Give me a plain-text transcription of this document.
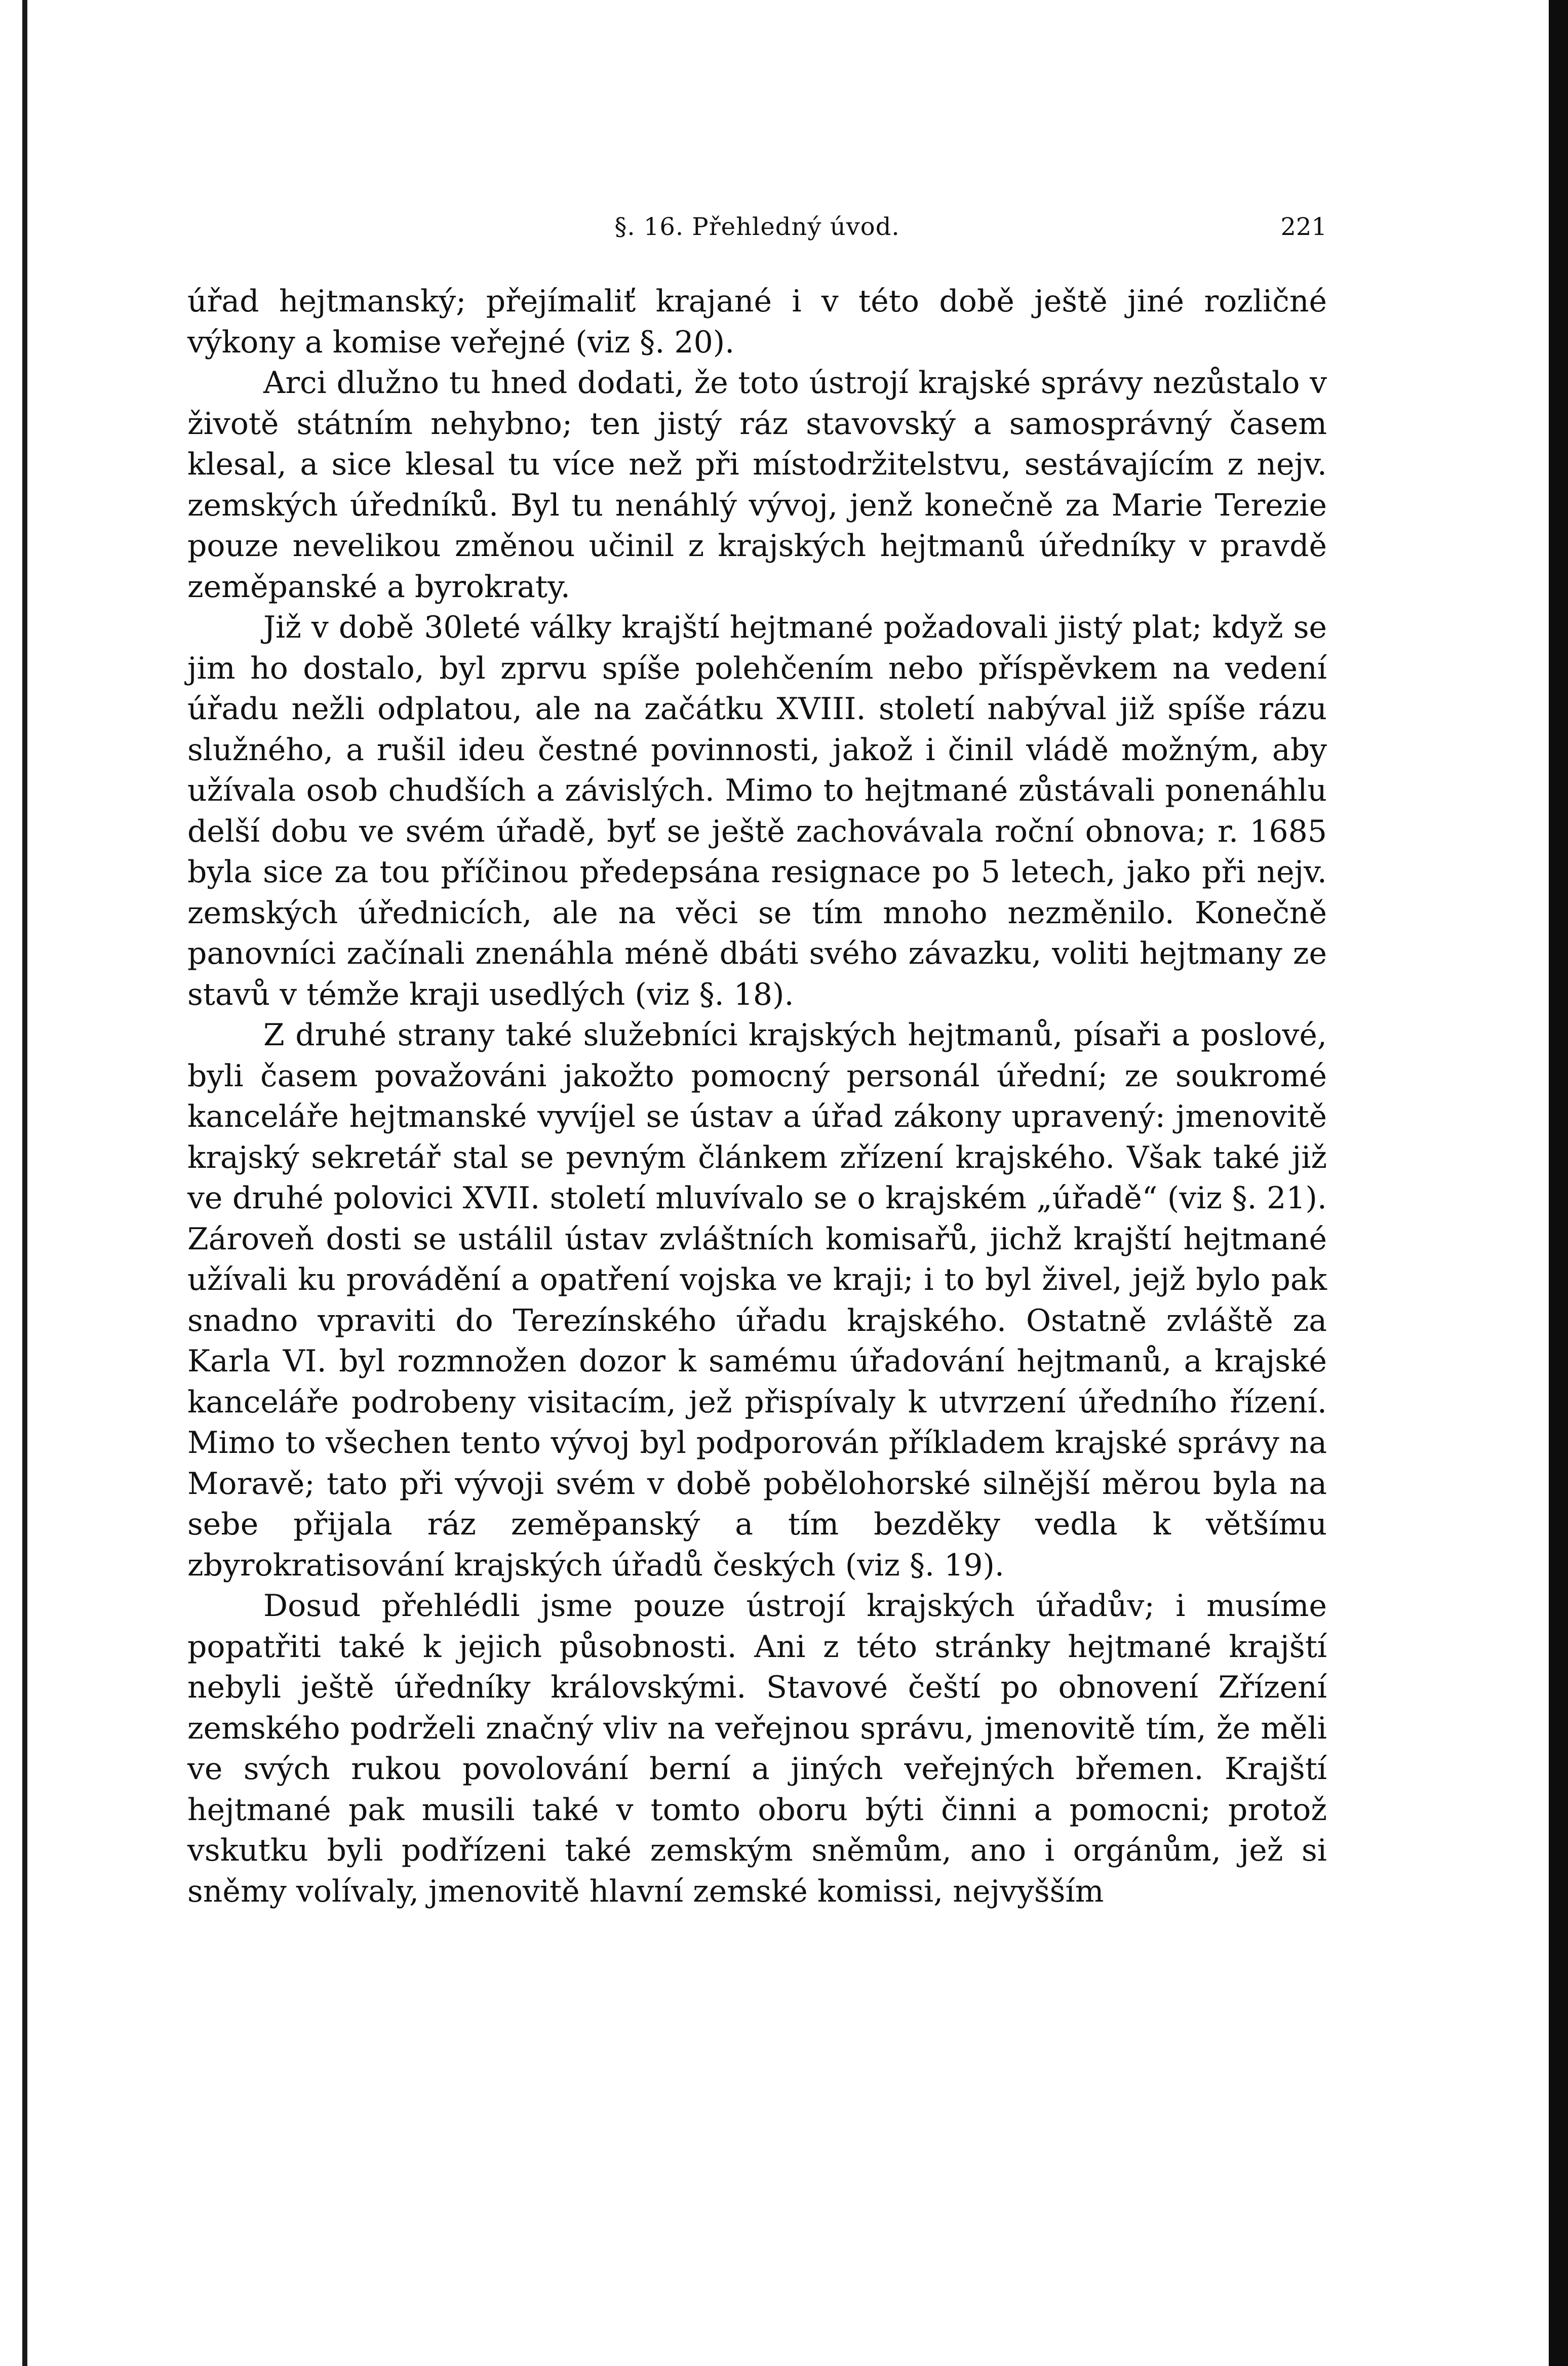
§. 16. Přehledný úvod.	221

úřad hejtmanský; přejímaliť krajané i v této době ještě jiné rozličné výkony a komise veřejné (viz §. 20).

Arci dlužno tu hned dodati, že toto ústrojí krajské správy nezůstalo v životě státním nehybno; ten jistý ráz stavovský a samosprávný časem klesal, a sice klesal tu více než při místodržitelstvu, sestávajícím z nejv. zemských úředníků. Byl tu nenáhlý vývoj, jenž konečně za Marie Terezie pouze nevelikou změnou učinil z krajských hejtmanů úředníky v pravdě zeměpanské a byrokraty.

Již v době 30leté války krajští hejtmané požadovali jistý plat; když se jim ho dostalo, byl zprvu spíše polehčením nebo příspěvkem na vedení úřadu nežli odplatou, ale na začátku XVIII. století nabýval již spíše rázu služného, a rušil ideu čestné povinnosti, jakož i činil vládě možným, aby užívala osob chudších a závislých. Mimo to hejtmané zůstávali ponenáhlu delší dobu ve svém úřadě, byť se ještě zachovávala roční obnova; r. 1685 byla sice za tou příčinou předepsána resignace po 5 letech, jako při nejv. zemských úřednicích, ale na věci se tím mnoho nezměnilo. Konečně panovníci začínali znenáhla méně dbáti svého závazku, voliti hejtmany ze stavů v témže kraji usedlých (viz §. 18).

Z druhé strany také služebníci krajských hejtmanů, písaři a poslové, byli časem považováni jakožto pomocný personál úřední; ze soukromé kanceláře hejtmanské vyvíjel se ústav a úřad zákony upravený: jmenovitě krajský sekretář stal se pevným článkem zřízení krajského. Však také již ve druhé polovici XVII. století mluvívalo se o krajském „úřadě“ (viz §. 21). Zároveň dosti se ustálil ústav zvláštních komisařů, jichž krajští hejtmané užívali ku provádění a opatření vojska ve kraji; i to byl živel, jejž bylo pak snadno vpraviti do Terezínského úřadu krajského. Ostatně zvláště za Karla VI. byl rozmnožen dozor k samému úřadování hejtmanů, a krajské kanceláře podrobeny visitacím, jež přispívaly k utvrzení úředního řízení. Mimo to všechen tento vývoj byl podporován příkladem krajské správy na Moravě; tato při vývoji svém v době pobělohorské silnější měrou byla na sebe přijala ráz zeměpanský a tím bezděky vedla k většímu zbyrokratisování krajských úřadů českých (viz §. 19).

Dosud přehlédli jsme pouze ústrojí krajských úřadův; i musíme popatřiti také k jejich působnosti. Ani z této stránky hejtmané krajští nebyli ještě úředníky královskými. Stavové čeští po obnovení Zřízení zemského podrželi značný vliv na veřejnou správu, jmenovitě tím, že měli ve svých rukou povolování berní a jiných veřejných břemen. Krajští hejtmané pak musili také v tomto oboru býti činni a pomocni; protož vskutku byli podřízeni také zemským sněmům, ano i orgánům, jež si sněmy volívaly, jmenovitě hlavní zemské komissi, nejvyšším
